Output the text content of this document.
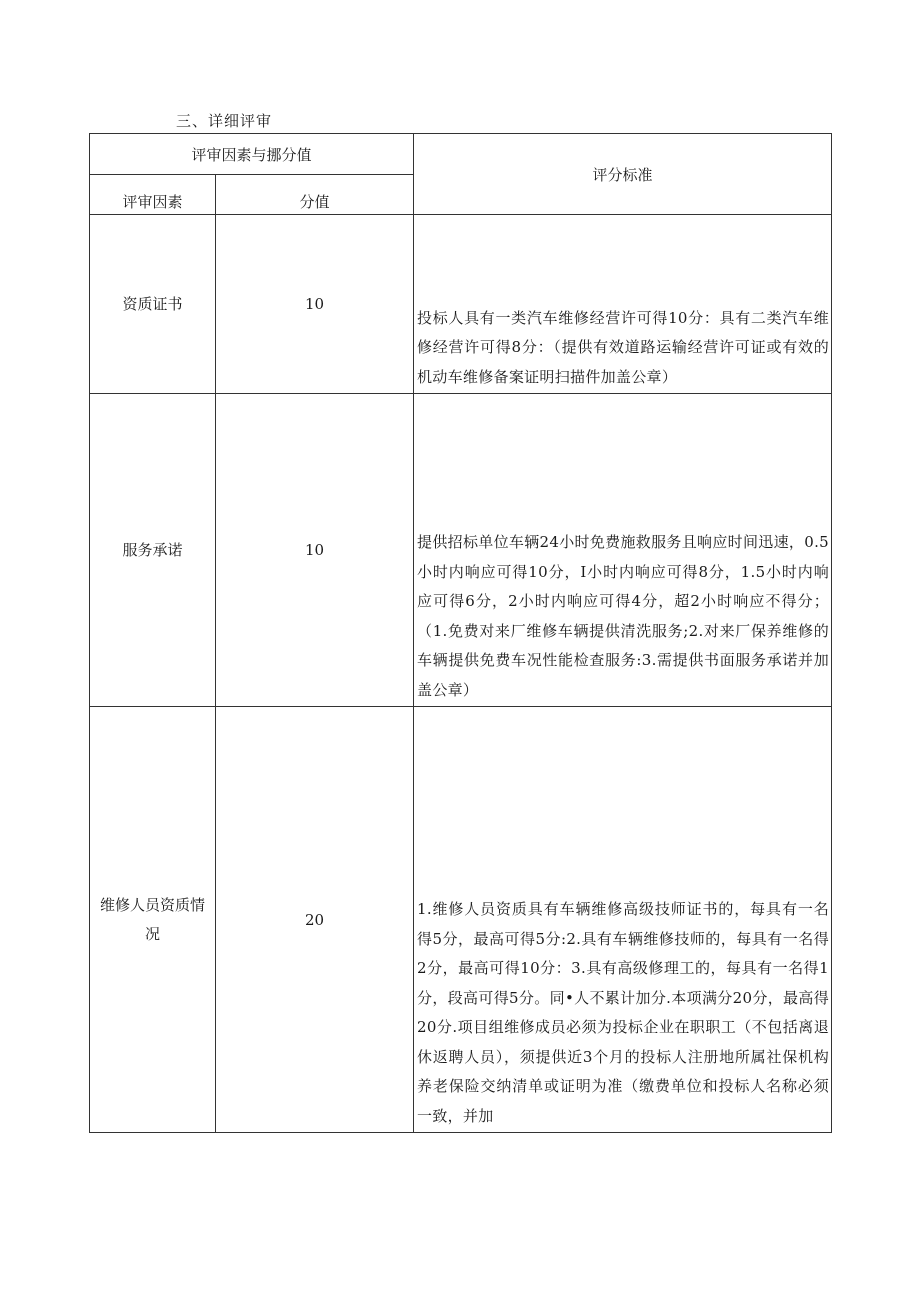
三、详细评审
评审因素与挪分值		评分标准
评审因素	分值	
资质证书	10	投标人具有一类汽车维修经营许可得10分：具有二类汽车维修经营许可得8分：（提供有效道路运输经营许可证或有效的机动车维修备案证明扫描件加盖公章）
服务承诺	10	提供招标单位车辆24小时免费施救服务且响应时间迅速，0.5小时内响应可得10分，I小时内响应可得8分，1.5小时内响应可得6分，2小时内响应可得4分，超2小时响应不得分；（1.免费对来厂维修车辆提供清洗服务;2.对来厂保养维修的车辆提供免费车况性能检查服务:3.需提供书面服务承诺并加盖公章）
维修人员资质情况	20	1.维修人员资质具有车辆维修高级技师证书的，每具有一名得5分，最高可得5分:2.具有车辆维修技师的，每具有一名得2分，最高可得10分：3.具有高级修理工的，每具有一名得1分，段高可得5分。同•人不累计加分.本项满分20分，最高得20分.项目组维修成员必须为投标企业在职职工（不包括离退休返聘人员），须提供近3个月的投标人注册地所属社保机构养老保险交纳清单或证明为准（缴费单位和投标人名称必须一致，并加
